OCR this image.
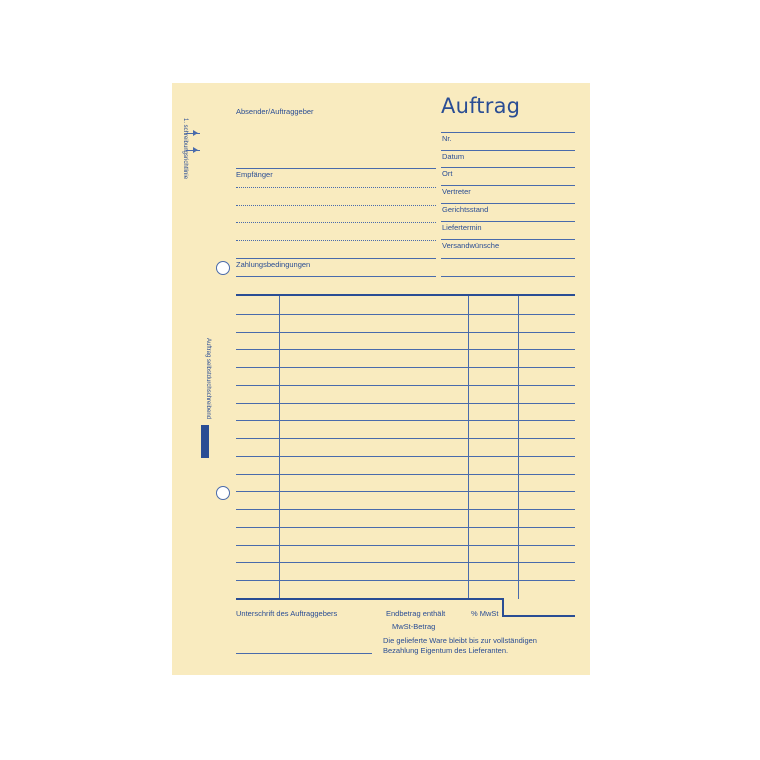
1. schreibungsrichtlinie
Auftrag selbstdurchschreibend
Auftrag
Absender/Auftraggeber
Empfänger
Zahlungsbedingungen
Nr.
Datum
Ort
Vertreter
Gerichtsstand
Liefertermin
Versandwünsche
Unterschrift des Auftraggebers	Endbetrag enthält	% MwSt
MwSt-Betrag
Die gelieferte Ware bleibt bis zur vollständigen
Bezahlung Eigentum des Lieferanten.
